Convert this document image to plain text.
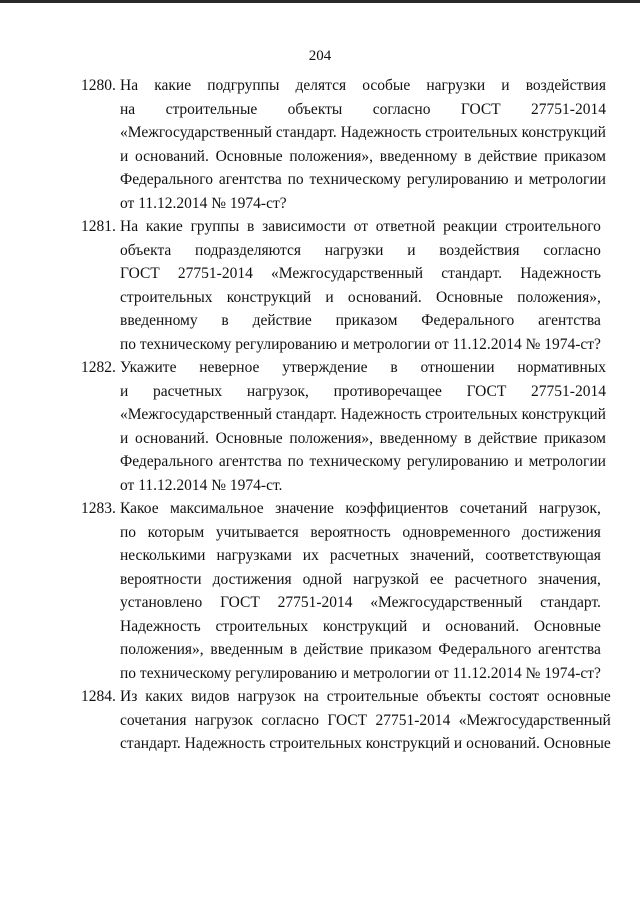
204
1280. На какие подгруппы делятся особые нагрузки и воздействия
на строительные объекты согласно ГОСТ 27751-2014
«Межгосударственный стандарт. Надежность строительных конструкций
и оснований. Основные положения», введенному в действие приказом
Федерального агентства по техническому регулированию и метрологии
от 11.12.2014 № 1974-ст?
1281. На какие группы в зависимости от ответной реакции строительного
объекта подразделяются нагрузки и воздействия согласно
ГОСТ 27751-2014 «Межгосударственный стандарт. Надежность
строительных конструкций и оснований. Основные положения»,
введенному в действие приказом Федерального агентства
по техническому регулированию и метрологии от 11.12.2014 № 1974-ст?
1282. Укажите неверное утверждение в отношении нормативных
и расчетных нагрузок, противоречащее ГОСТ 27751-2014
«Межгосударственный стандарт. Надежность строительных конструкций
и оснований. Основные положения», введенному в действие приказом
Федерального агентства по техническому регулированию и метрологии
от 11.12.2014 № 1974-ст.
1283. Какое максимальное значение коэффициентов сочетаний нагрузок,
по которым учитывается вероятность одновременного достижения
несколькими нагрузками их расчетных значений, соответствующая
вероятности достижения одной нагрузкой ее расчетного значения,
установлено ГОСТ 27751-2014 «Межгосударственный стандарт.
Надежность строительных конструкций и оснований. Основные
положения», введенным в действие приказом Федерального агентства
по техническому регулированию и метрологии от 11.12.2014 № 1974-ст?
1284. Из каких видов нагрузок на строительные объекты состоят основные
сочетания нагрузок согласно ГОСТ 27751-2014 «Межгосударственный
стандарт. Надежность строительных конструкций и оснований. Основные
